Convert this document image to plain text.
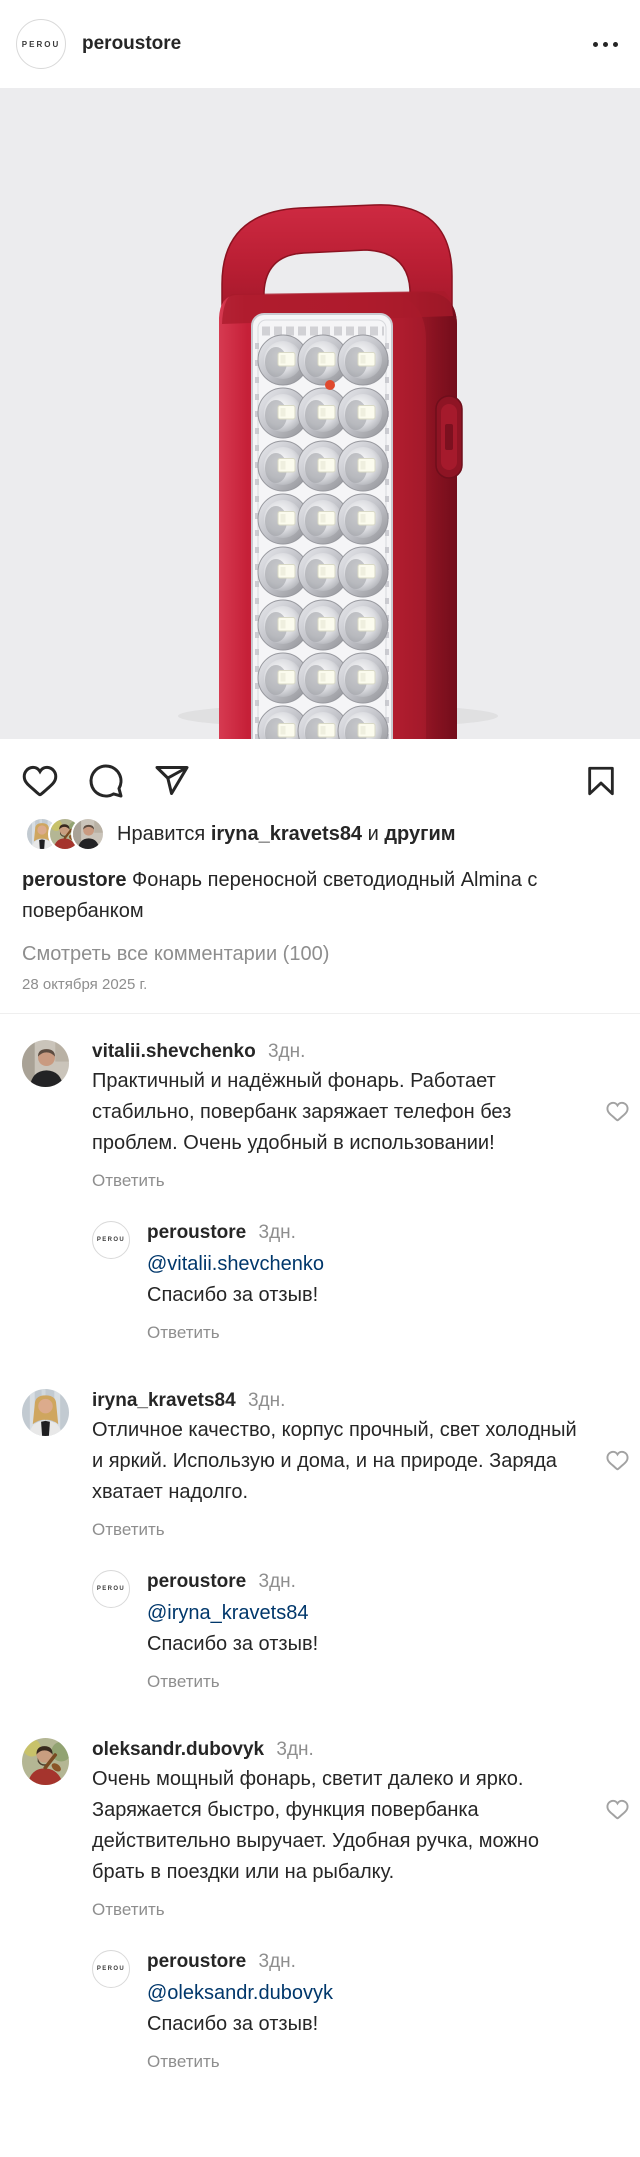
PEROU peroustore
Нравится iryna_kravets84 и другим
peroustore Фонарь переносной светодиодный Almina с повербанком
Смотреть все комментарии (100)
28 октября 2025 г.
vitalii.shevchenko 3дн.
Практичный и надёжный фонарь. Работает стабильно, повербанк заряжает телефон без проблем. Очень удобный в использовании!
Ответить
PEROU peroustore 3дн.
@vitalii.shevchenko
Спасибо за отзыв!
Ответить
iryna_kravets84 3дн.
Отличное качество, корпус прочный, свет холодный и яркий. Использую и дома, и на природе. Заряда хватает надолго.
Ответить
PEROU peroustore 3дн.
@iryna_kravets84
Спасибо за отзыв!
Ответить
oleksandr.dubovyk 3дн.
Очень мощный фонарь, светит далеко и ярко. Заряжается быстро, функция повербанка действительно выручает. Удобная ручка, можно брать в поездки или на рыбалку.
Ответить
PEROU peroustore 3дн.
@oleksandr.dubovyk
Спасибо за отзыв!
Ответить
